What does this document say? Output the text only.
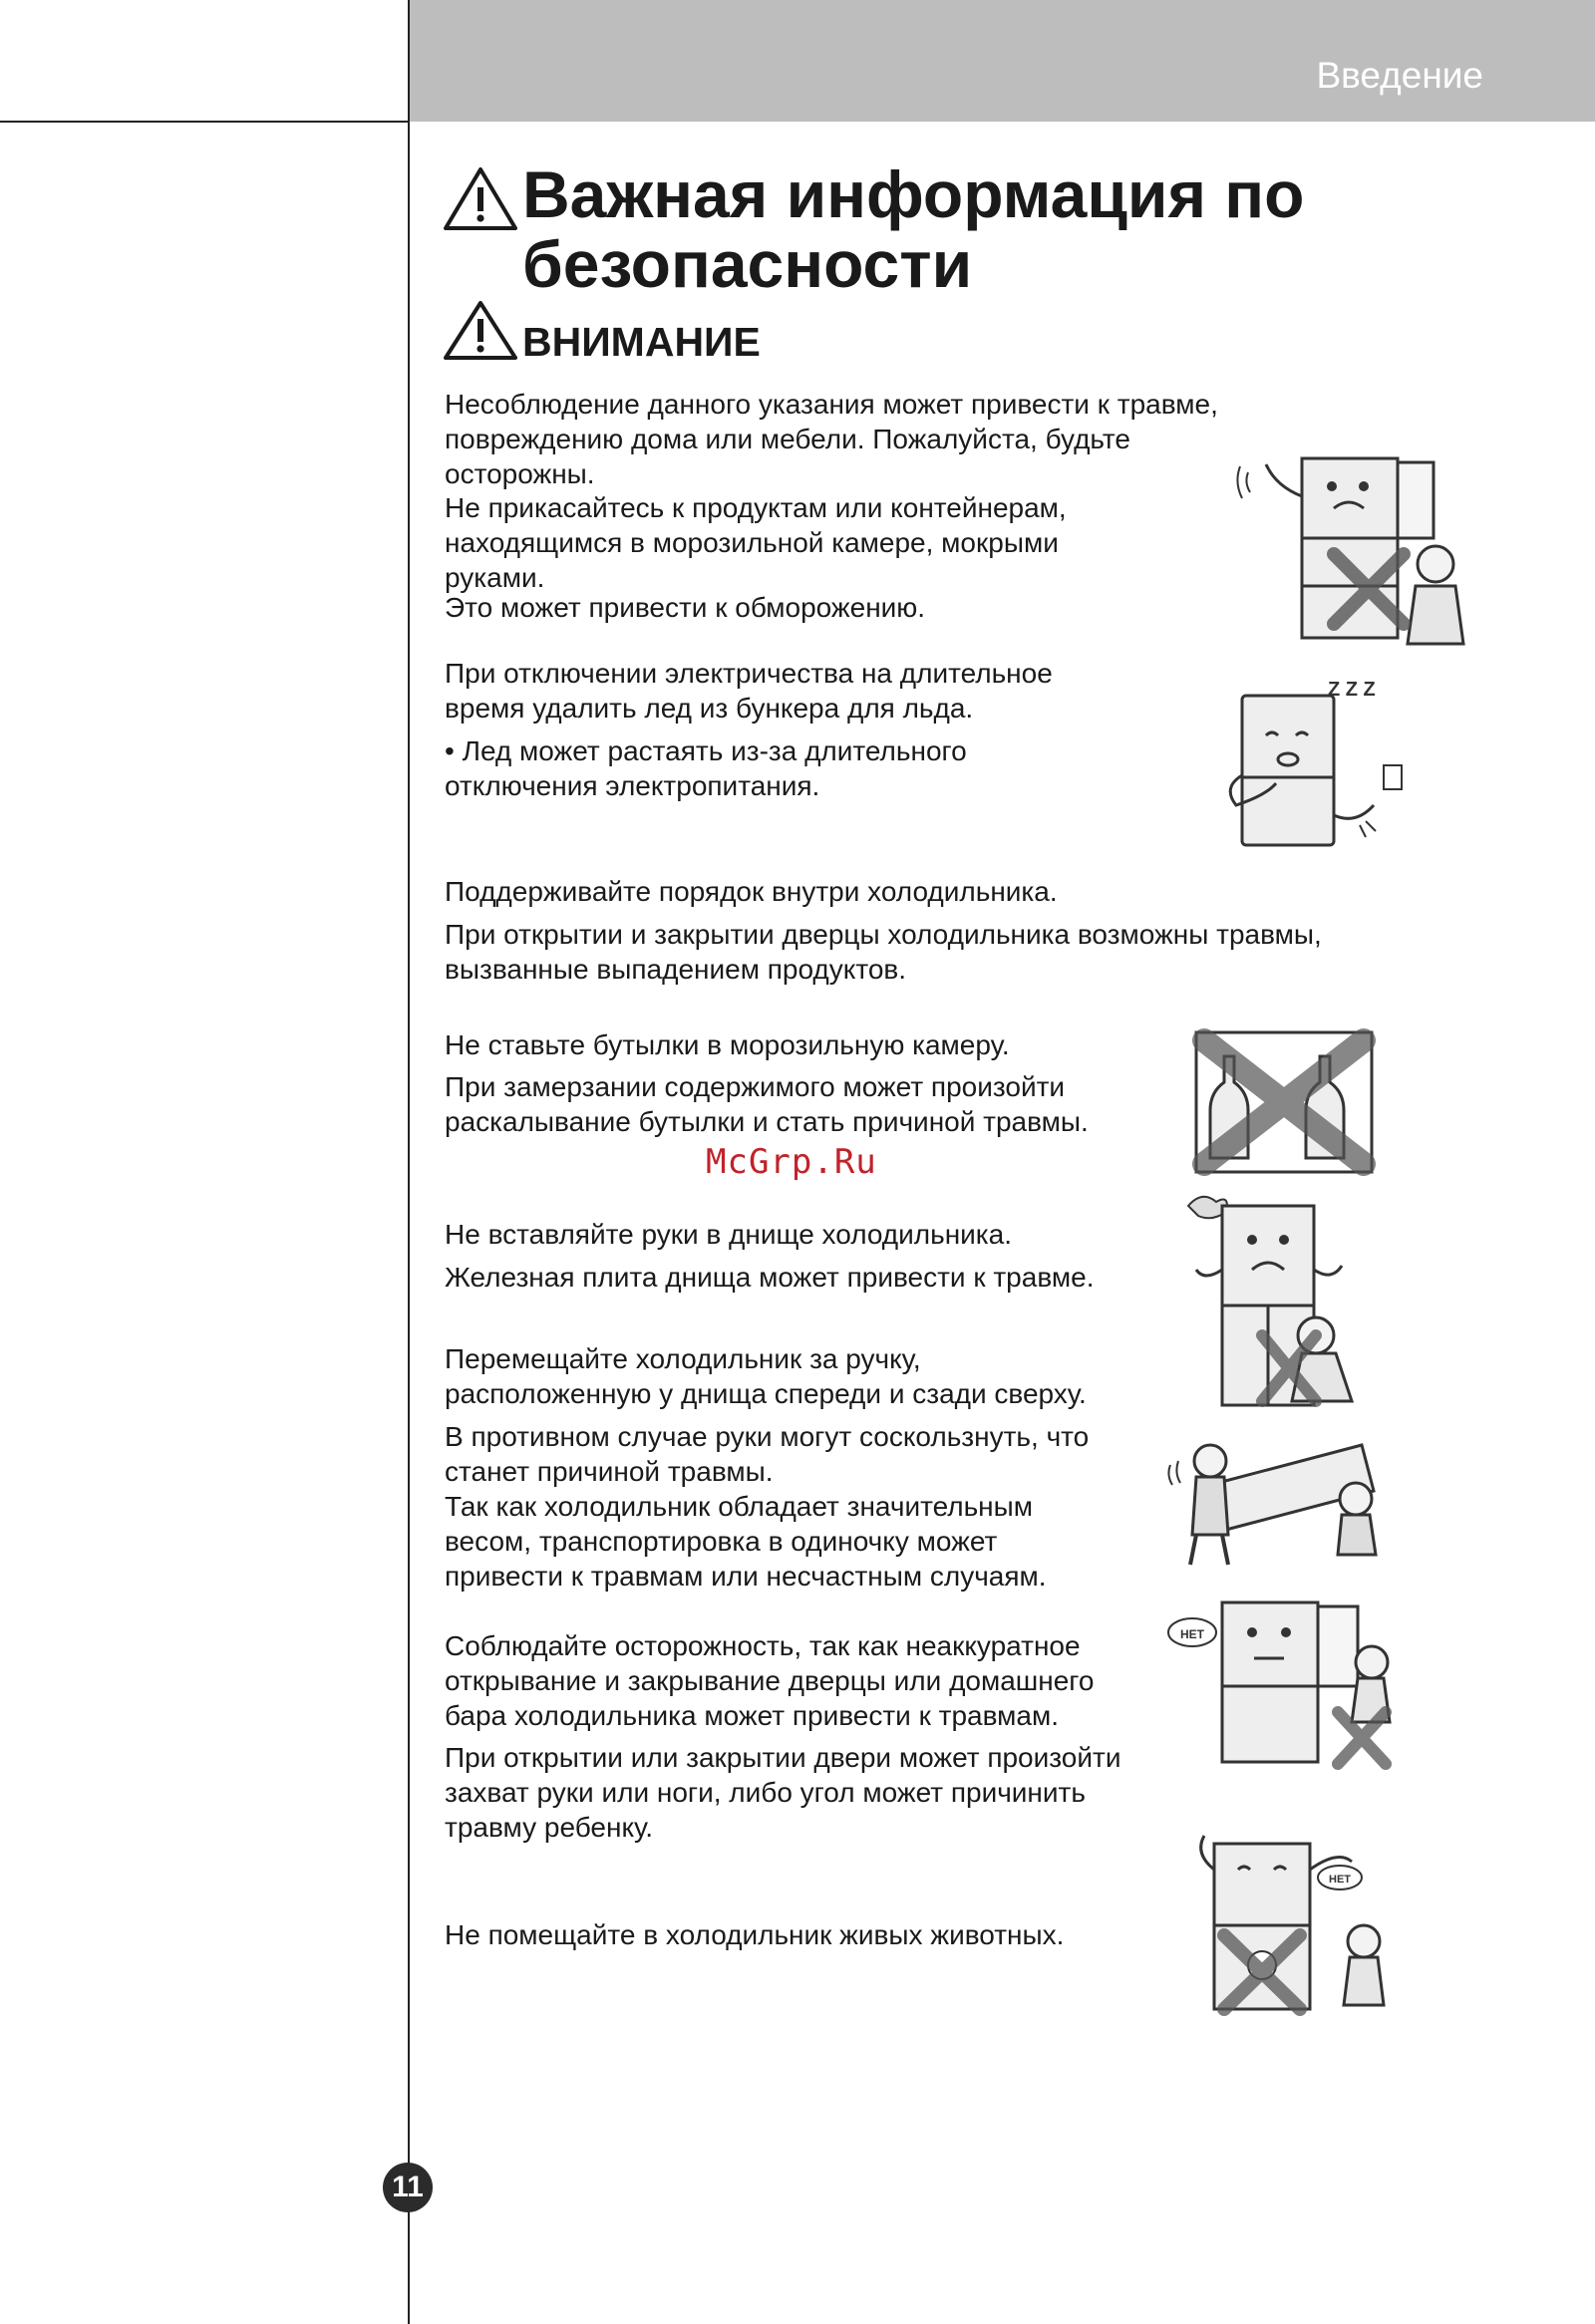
Введение
Важная информация по
безопасности
ВНИМАНИЕ
Несоблюдение данного указания может привести к травме,
повреждению дома или мебели. Пожалуйста, будьте
осторожны.
Не прикасайтесь к продуктам или контейнерам,
находящимся в морозильной камере, мокрыми
руками.
Это может привести к обморожению.
При отключении электричества на длительное
время удалить лед из бункера для льда.
• Лед может растаять из-за длительного
отключения электропитания.
Поддерживайте порядок внутри холодильника.
При открытии и закрытии дверцы холодильника возможны травмы,
вызванные выпадением продуктов.
Не ставьте бутылки в морозильную камеру.
При замерзании содержимого может произойти
раскалывание бутылки и стать причиной травмы.
Не вставляйте руки в днище холодильника.
Железная плита днища может привести к травме.
Перемещайте холодильник за ручку,
расположенную у днища спереди и сзади сверху.
В противном случае руки могут соскользнуть, что
станет причиной травмы.
Так как холодильник обладает значительным
весом, транспортировка в одиночку может
привести к травмам или несчастным случаям.
Соблюдайте осторожность, так как неаккуратное
открывание и закрывание дверцы или домашнего
бара холодильника может привести к травмам.
При открытии или закрытии двери может произойти
захват руки или ноги, либо угол может причинить
травму ребенку.
Не помещайте в холодильник живых животных.
Z Z Z
НЕТ
НЕТ
McGrp.Ru
11
